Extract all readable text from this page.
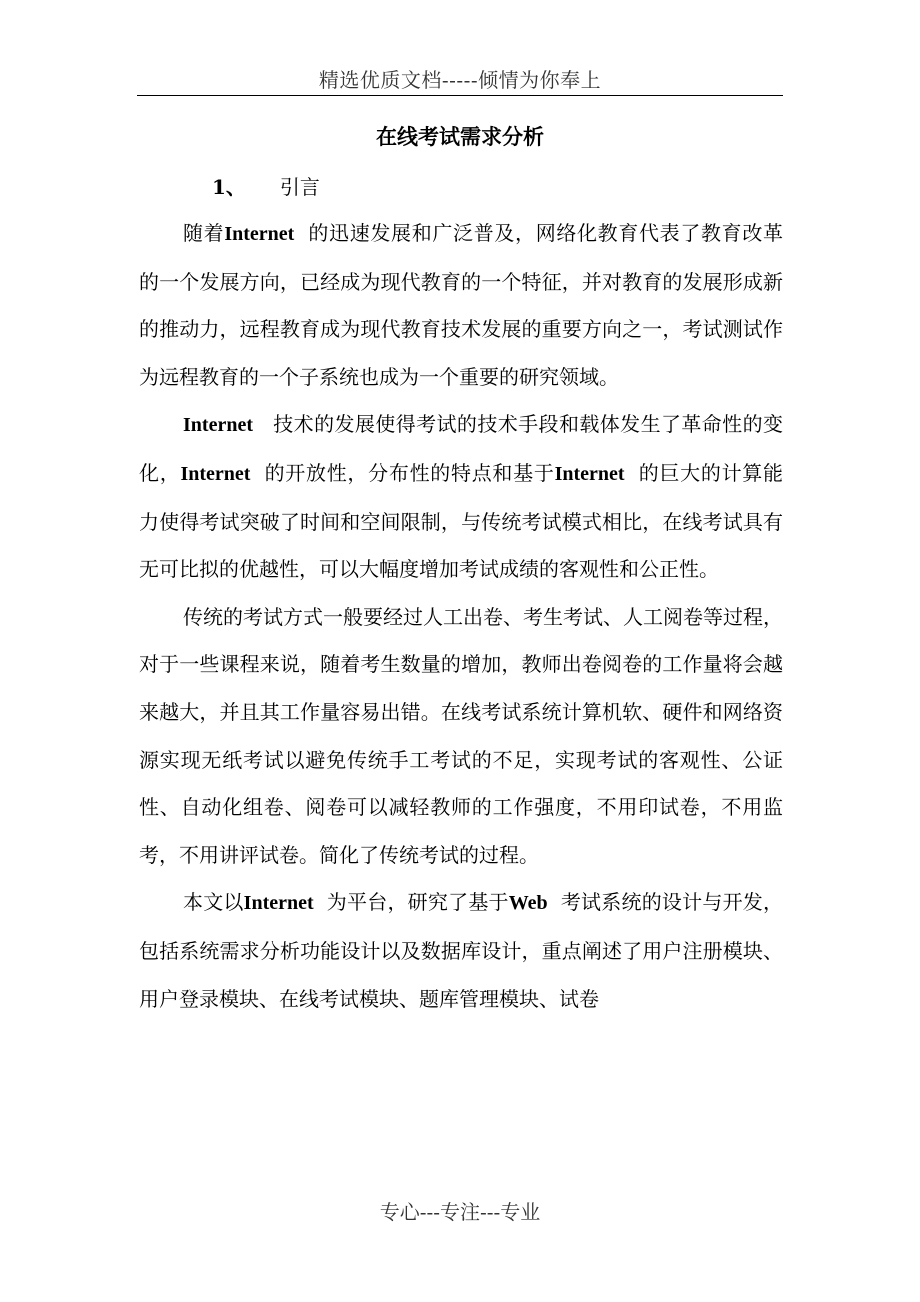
精选优质文档-----倾情为你奉上
在线考试需求分析
1、 引言

随着Internet  的迅速发展和广泛普及，网络化教育代表了教育改革的一个发展方向，已经成为现代教育的一个特征，并对教育的发展形成新的推动力，远程教育成为现代教育技术发展的重要方向之一，考试测试作为远程教育的一个子系统也成为一个重要的研究领域。

Internet   技术的发展使得考试的技术手段和载体发生了革命性的变化，Internet  的开放性，分布性的特点和基于Internet  的巨大的计算能力使得考试突破了时间和空间限制，与传统考试模式相比，在线考试具有无可比拟的优越性，可以大幅度增加考试成绩的客观性和公正性。

传统的考试方式一般要经过人工出卷、考生考试、人工阅卷等过程，对于一些课程来说，随着考生数量的增加，教师出卷阅卷的工作量将会越来越大，并且其工作量容易出错。在线考试系统计算机软、硬件和网络资源实现无纸考试以避免传统手工考试的不足，实现考试的客观性、公证性、自动化组卷、阅卷可以减轻教师的工作强度，不用印试卷，不用监考，不用讲评试卷。简化了传统考试的过程。

本文以Internet  为平台，研究了基于Web  考试系统的设计与开发，包括系统需求分析功能设计以及数据库设计，重点阐述了用户注册模块、用户登录模块、在线考试模块、题库管理模块、试卷

专心---专注---专业
